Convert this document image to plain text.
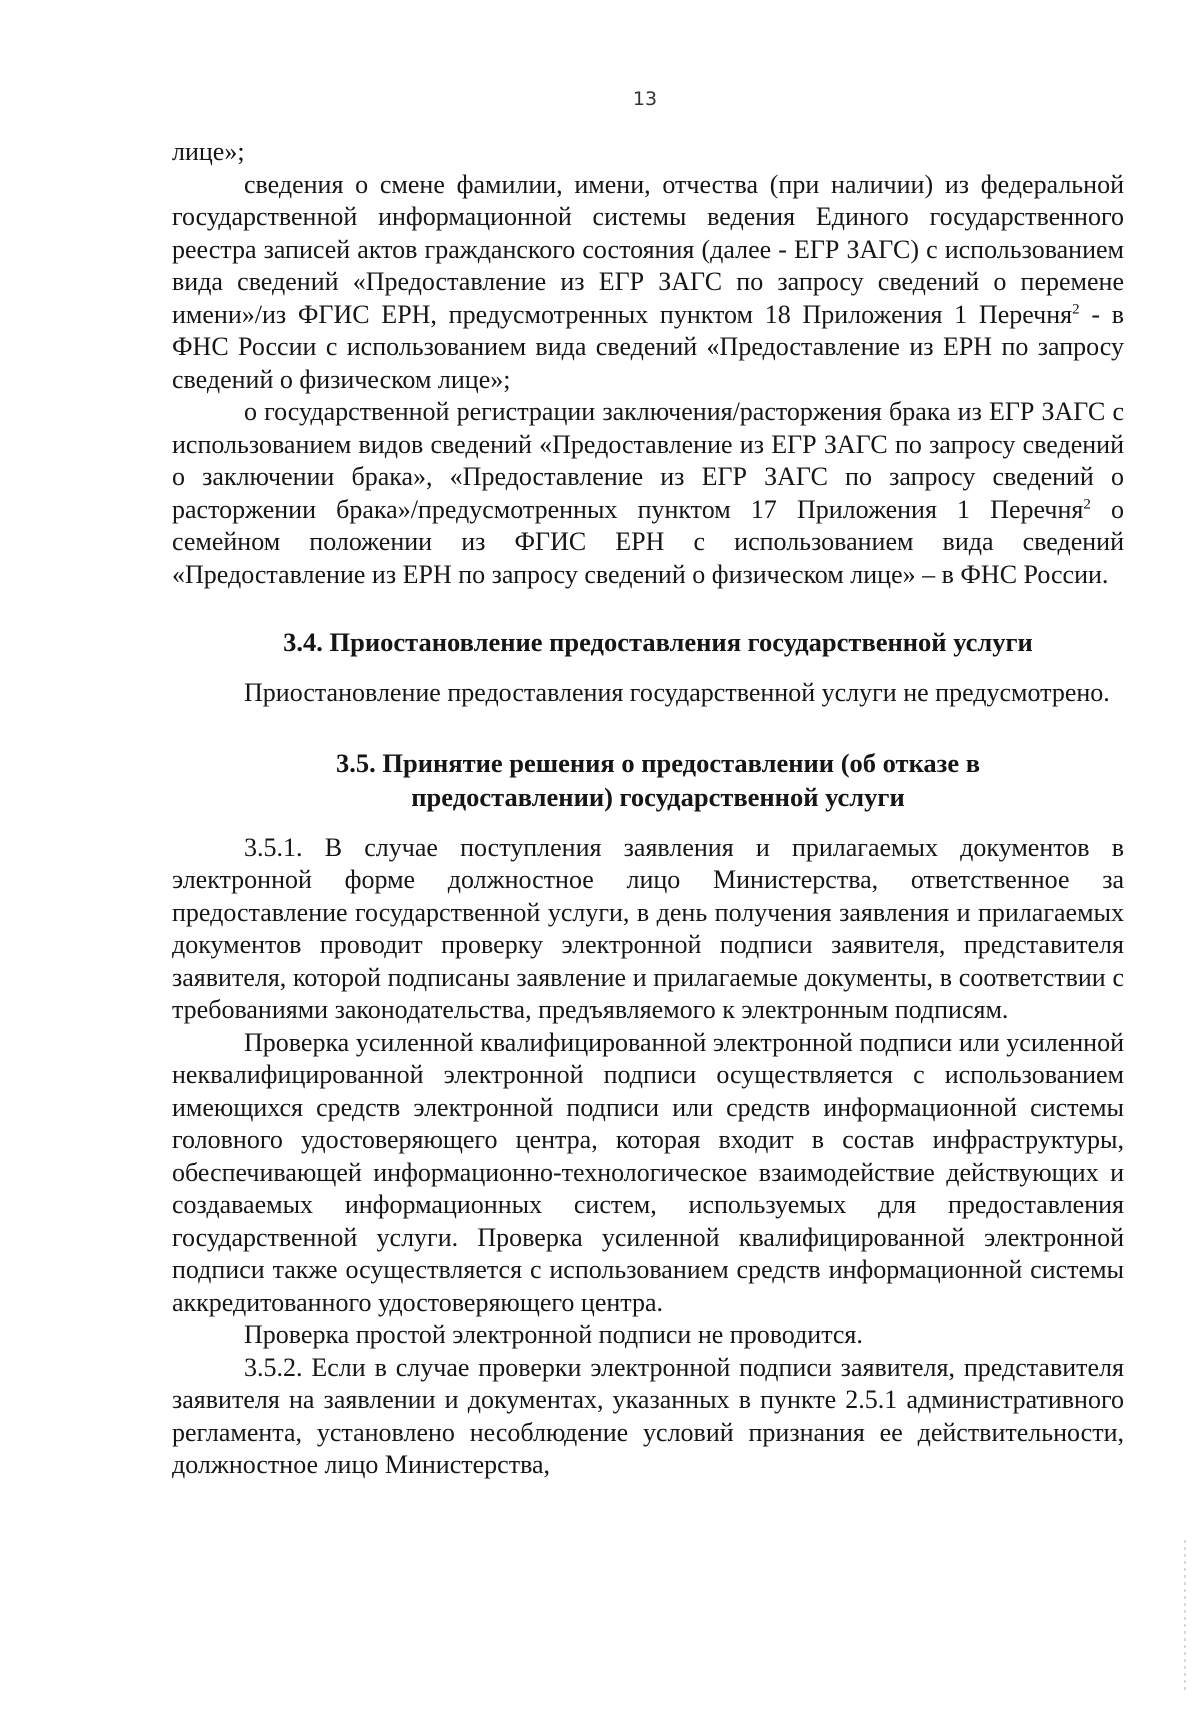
13

лице»;

сведения о смене фамилии, имени, отчества (при наличии) из федеральной государственной информационной системы ведения Единого государственного реестра записей актов гражданского состояния (далее - ЕГР ЗАГС) с использованием вида сведений «Предоставление из ЕГР ЗАГС по запросу сведений о перемене имени»/из ФГИС ЕРН, предусмотренных пунктом 18 Приложения 1 Перечня$^2$ - в ФНС России с использованием вида сведений «Предоставление из ЕРН по запросу сведений о физическом лице»;

о государственной регистрации заключения/расторжения брака из ЕГР ЗАГС с использованием видов сведений «Предоставление из ЕГР ЗАГС по запросу сведений о заключении брака», «Предоставление из ЕГР ЗАГС по запросу сведений о расторжении брака»/предусмотренных пунктом 17 Приложения 1 Перечня$^2$ о семейном положении из ФГИС ЕРН с использованием вида сведений «Предоставление из ЕРН по запросу сведений о физическом лице» – в ФНС России.

3.4. Приостановление предоставления государственной услуги

Приостановление предоставления государственной услуги не предусмотрено.

3.5. Принятие решения о предоставлении (об отказе в
предоставлении) государственной услуги

3.5.1. В случае поступления заявления и прилагаемых документов в электронной форме должностное лицо Министерства, ответственное за предоставление государственной услуги, в день получения заявления и прилагаемых документов проводит проверку электронной подписи заявителя, представителя заявителя, которой подписаны заявление и прилагаемые документы, в соответствии с требованиями законодательства, предъявляемого к электронным подписям.

Проверка усиленной квалифицированной электронной подписи или усиленной неквалифицированной электронной подписи осуществляется с использованием имеющихся средств электронной подписи или средств информационной системы головного удостоверяющего центра, которая входит в состав инфраструктуры, обеспечивающей информационно-технологическое взаимодействие действующих и создаваемых информационных систем, используемых для предоставления государственной услуги. Проверка усиленной квалифицированной электронной подписи также осуществляется с использованием средств информационной системы аккредитованного удостоверяющего центра.

Проверка простой электронной подписи не проводится.

3.5.2. Если в случае проверки электронной подписи заявителя, представителя заявителя на заявлении и документах, указанных в пункте 2.5.1 административного регламента, установлено несоблюдение условий признания ее действительности, должностное лицо Министерства,
